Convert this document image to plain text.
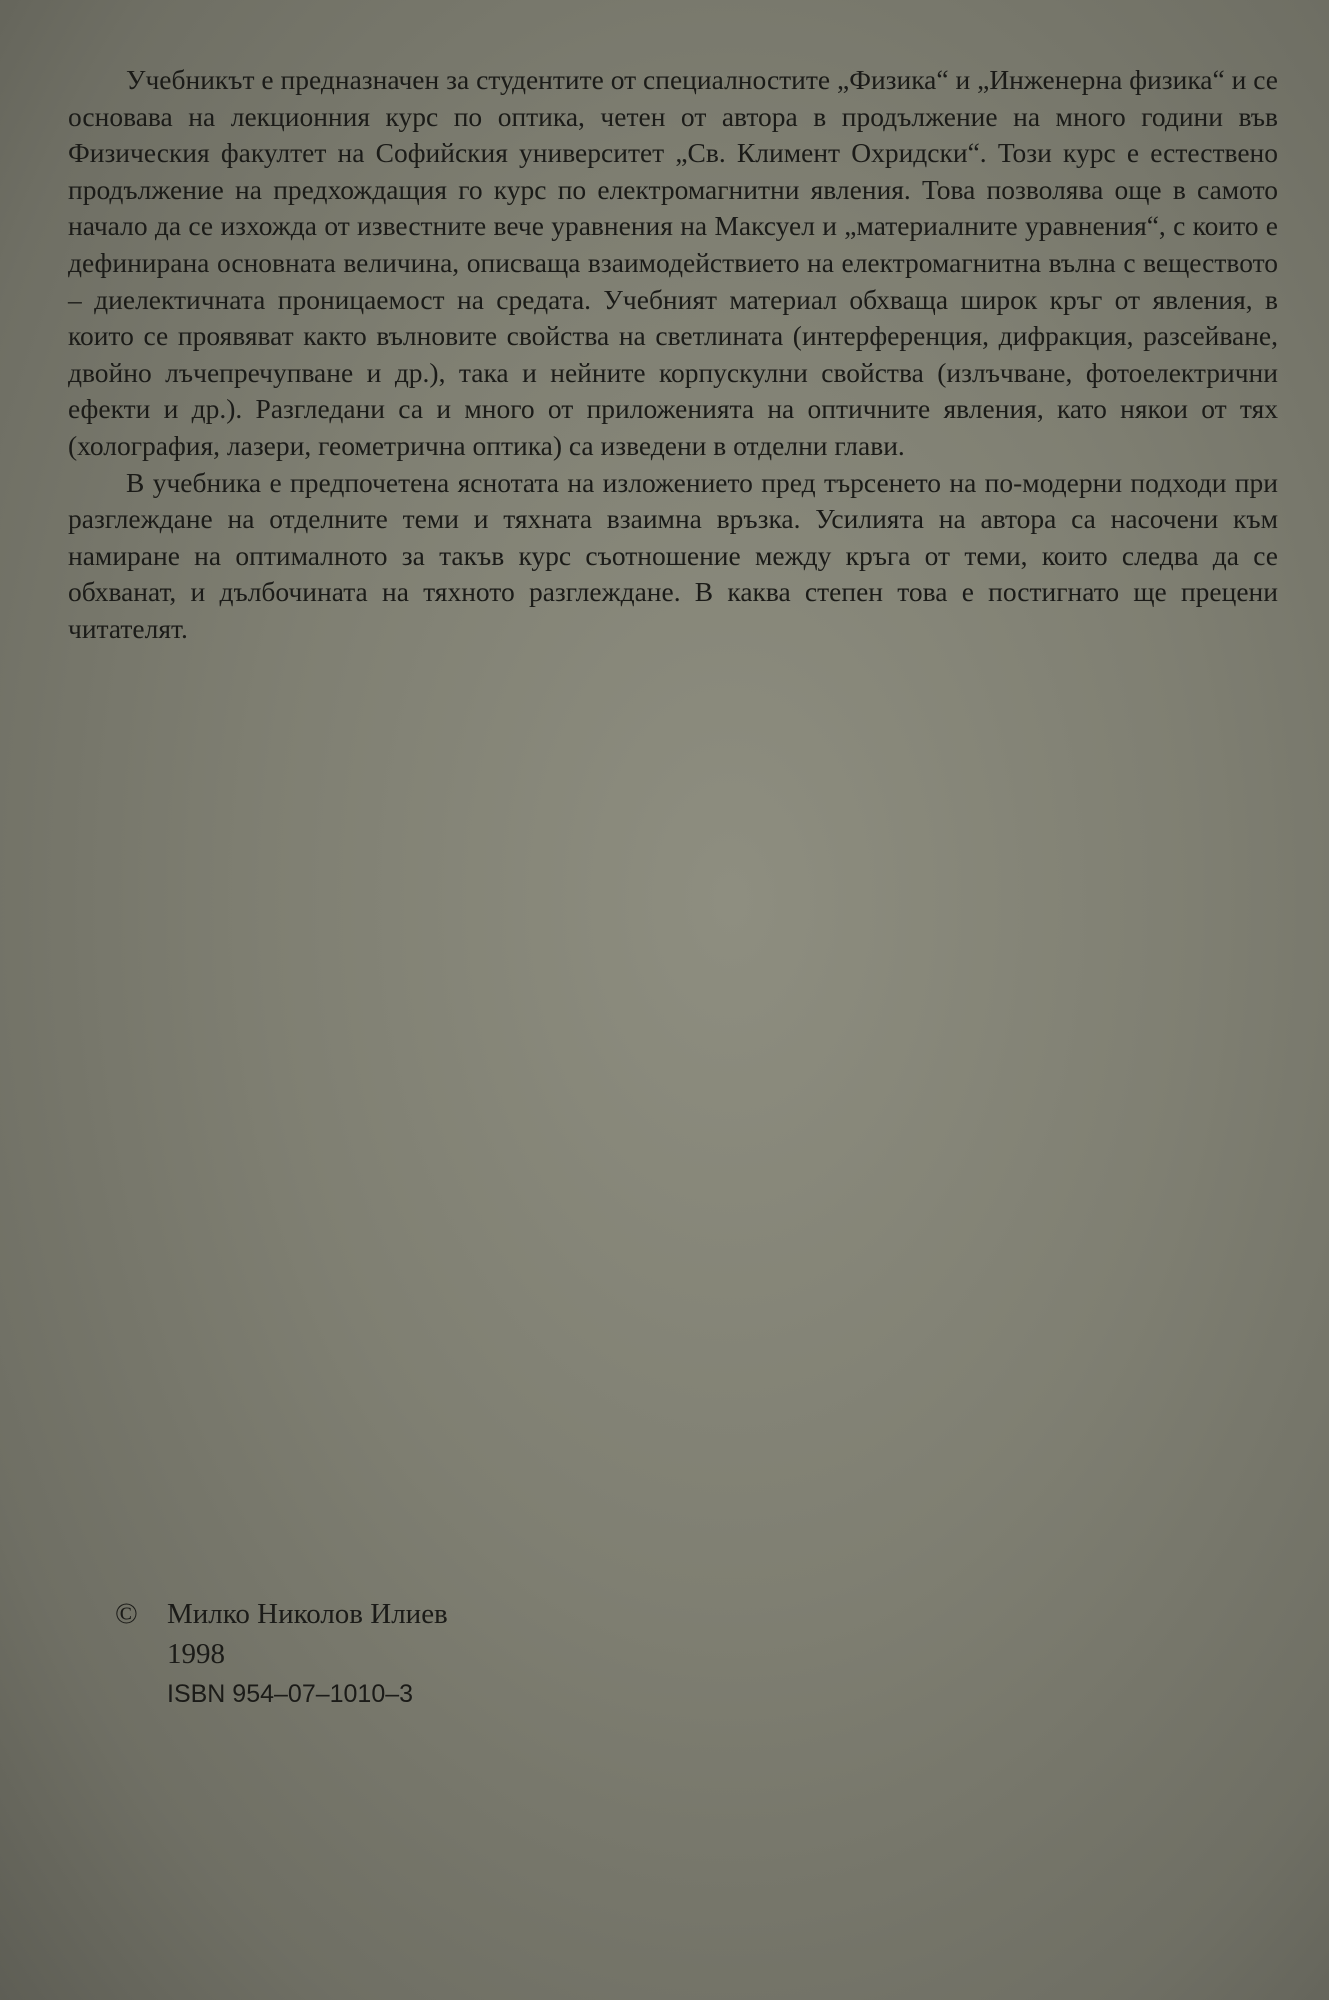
Учебникът е предназначен за студентите от специалностите „Физика“ и „Инженерна физика“ и се основава на лекционния курс по оптика, четен от автора в продължение на много години във Физическия факултет на Софийския университет „Св. Климент Охридски“. Този курс е естествено продължение на предхождащия го курс по електромагнитни явления. Това позволява още в самото начало да се изхожда от известните вече уравнения на Максуел и „материалните уравнения“, с които е дефинирана основната величина, описваща взаимодействието на електромагнитна вълна с веществото – диелектичната проницаемост на средата. Учебният материал обхваща широк кръг от явления, в които се проявяват както вълновите свойства на светлината (интерференция, дифракция, разсейване, двойно лъчепречупване и др.), така и нейните корпускулни свойства (излъчване, фотоелектрични ефекти и др.). Разгледани са и много от приложенията на оптичните явления, като някои от тях (холография, лазери, геометрична оптика) са изведени в отделни глави.

В учебника е предпочетена яснотата на изложението пред търсенето на по-модерни подходи при разглеждане на отделните теми и тяхната взаимна връзка. Усилията на автора са насочени към намиране на оптималното за такъв курс съотношение между кръга от теми, които следва да се обхванат, и дълбочината на тяхното разглеждане. В каква степен това е постигнато ще прецени читателят.

©	Милко Николов Илиев
1998
ISBN 954–07–1010–3
